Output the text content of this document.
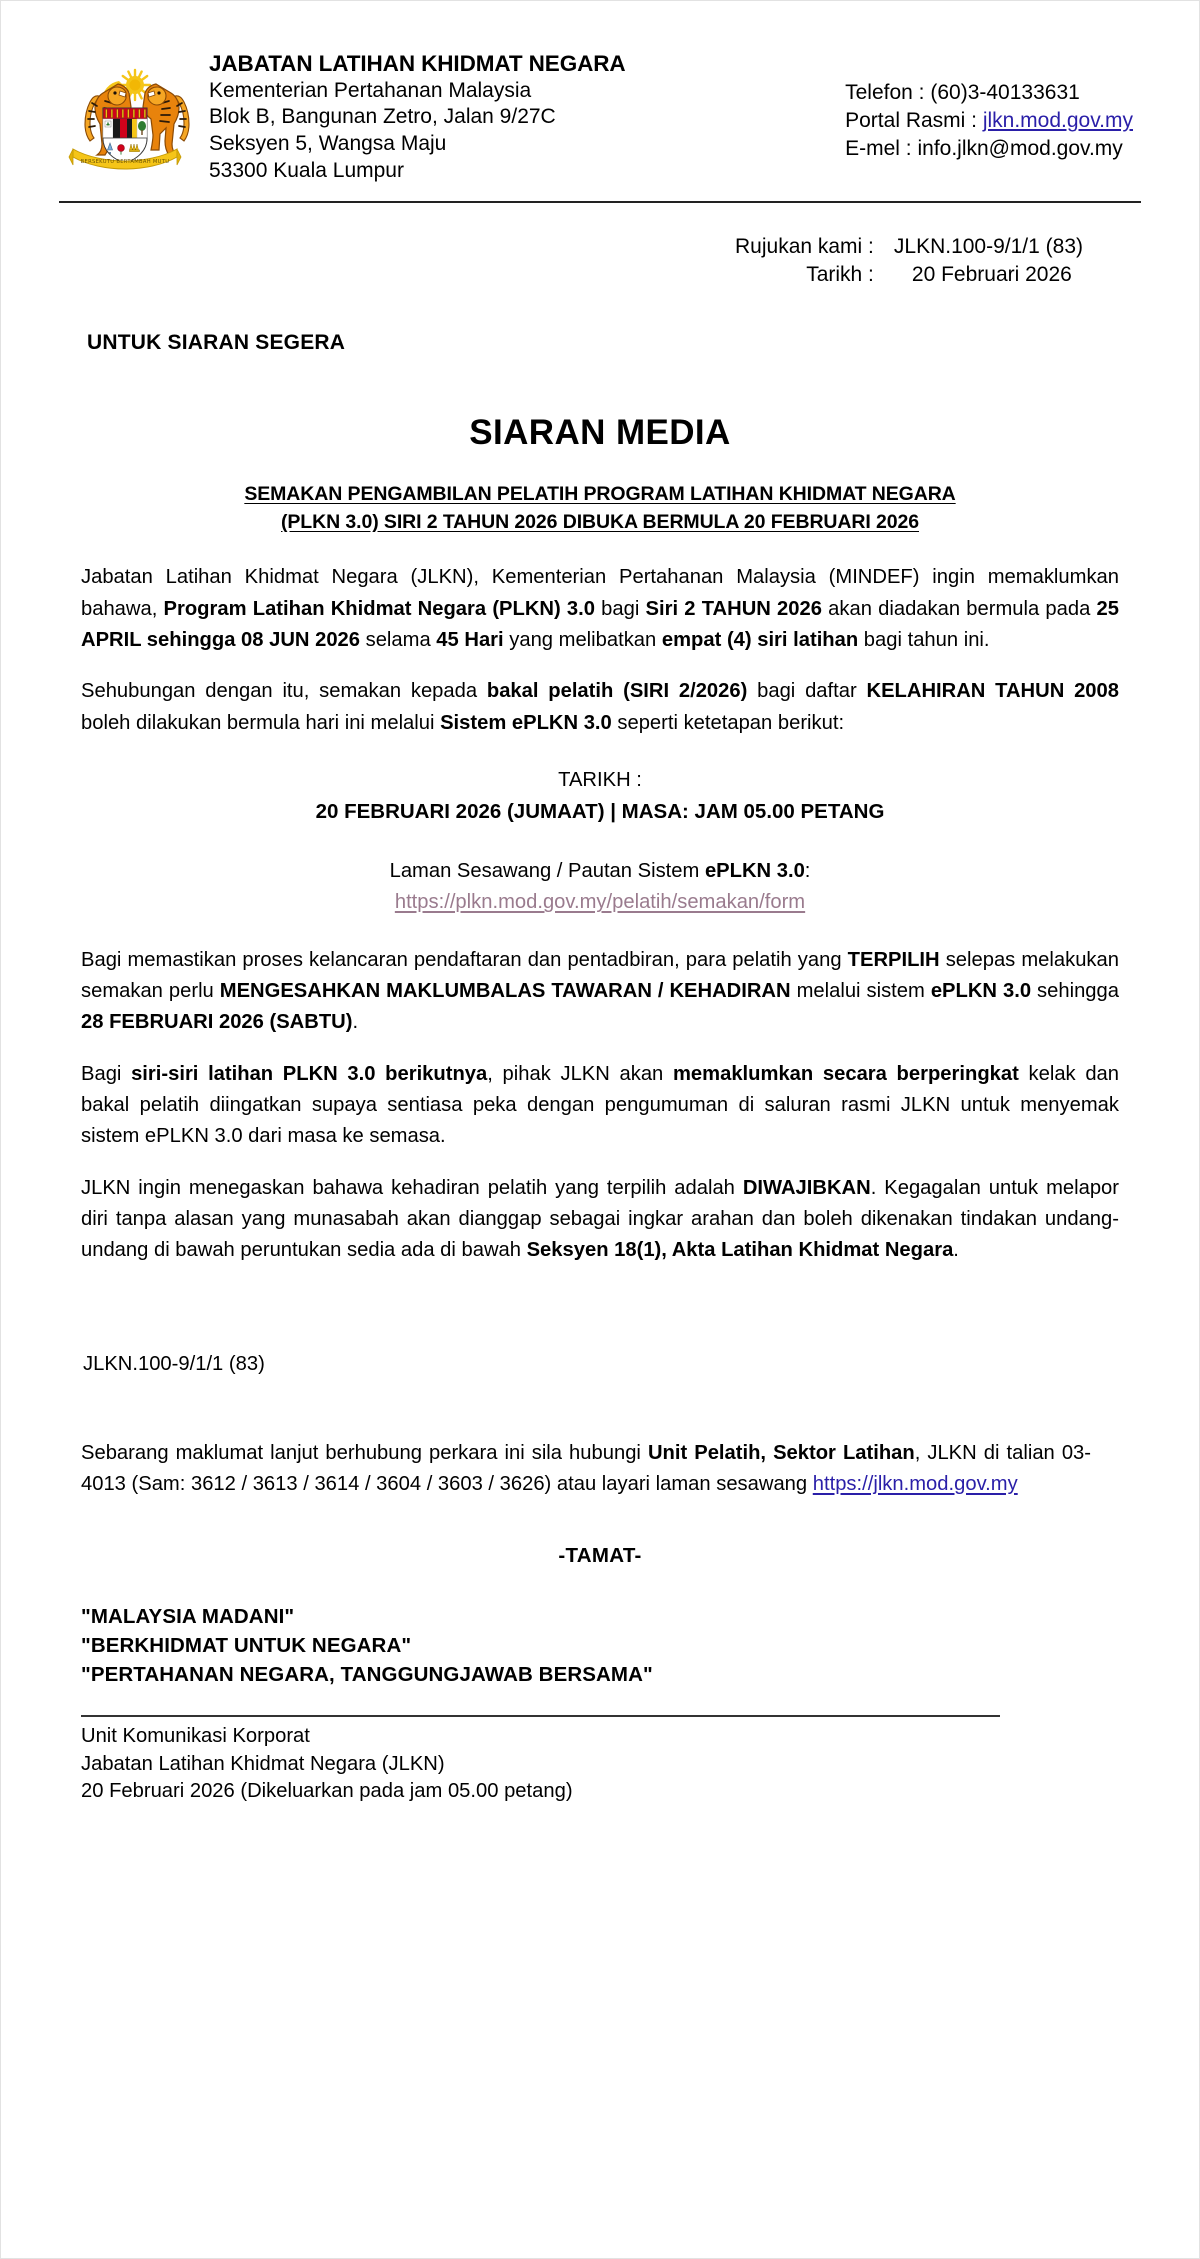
♣
BERSEKUTU BERTAMBAH MUTU
JABATAN LATIHAN KHIDMAT NEGARA
Kementerian Pertahanan Malaysia
Blok B, Bangunan Zetro, Jalan 9/27C
Seksyen 5, Wangsa Maju
53300 Kuala Lumpur
Telefon : (60)3-40133631
Portal Rasmi : jlkn.mod.gov.my
E-mel : info.jlkn@mod.gov.my
Rujukan kami :	JLKN.100-9/1/1 (83)
Tarikh :	20 Februari 2026
UNTUK SIARAN SEGERA
SIARAN MEDIA
SEMAKAN PENGAMBILAN PELATIH PROGRAM LATIHAN KHIDMAT NEGARA
(PLKN 3.0) SIRI 2 TAHUN 2026 DIBUKA BERMULA 20 FEBRUARI 2026

Jabatan Latihan Khidmat Negara (JLKN), Kementerian Pertahanan Malaysia (MINDEF) ingin memaklumkan bahawa, Program Latihan Khidmat Negara (PLKN) 3.0 bagi Siri 2 TAHUN 2026 akan diadakan bermula pada 25 APRIL sehingga 08 JUN 2026 selama 45 Hari yang melibatkan empat (4) siri latihan bagi tahun ini.

Sehubungan dengan itu, semakan kepada bakal pelatih (SIRI 2/2026) bagi daftar KELAHIRAN TAHUN 2008 boleh dilakukan bermula hari ini melalui Sistem ePLKN 3.0 seperti ketetapan berikut:

TARIKH :
20 FEBRUARI 2026 (JUMAAT) | MASA: JAM 05.00 PETANG
Laman Sesawang / Pautan Sistem ePLKN 3.0:
https://plkn.mod.gov.my/pelatih/semakan/form

Bagi memastikan proses kelancaran pendaftaran dan pentadbiran, para pelatih yang TERPILIH selepas melakukan semakan perlu MENGESAHKAN MAKLUMBALAS TAWARAN / KEHADIRAN melalui sistem ePLKN 3.0 sehingga 28 FEBRUARI 2026 (SABTU).

Bagi siri-siri latihan PLKN 3.0 berikutnya, pihak JLKN akan memaklumkan secara berperingkat kelak dan bakal pelatih diingatkan supaya sentiasa peka dengan pengumuman di saluran rasmi JLKN untuk menyemak sistem ePLKN 3.0 dari masa ke semasa.

JLKN ingin menegaskan bahawa kehadiran pelatih yang terpilih adalah DIWAJIBKAN. Kegagalan untuk melapor diri tanpa alasan yang munasabah akan dianggap sebagai ingkar arahan dan boleh dikenakan tindakan undang-undang di bawah peruntukan sedia ada di bawah Seksyen 18(1), Akta Latihan Khidmat Negara.

JLKN.100-9/1/1 (83)

Sebarang maklumat lanjut berhubung perkara ini sila hubungi Unit Pelatih, Sektor Latihan, JLKN di talian 03-4013 (Sam: 3612 / 3613 / 3614 / 3604 / 3603 / 3626) atau layari laman sesawang https://jlkn.mod.gov.my

-TAMAT-
"MALAYSIA MADANI"
"BERKHIDMAT UNTUK NEGARA"
"PERTAHANAN NEGARA, TANGGUNGJAWAB BERSAMA"
Unit Komunikasi Korporat
Jabatan Latihan Khidmat Negara (JLKN)
20 Februari 2026 (Dikeluarkan pada jam 05.00 petang)
